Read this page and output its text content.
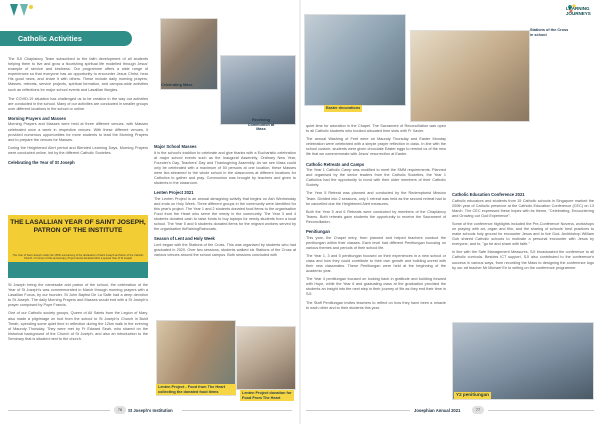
LEARNING JOURNEYS
Catholic Activities

The SJI Chaplaincy Team subscribed to the faith development of all students helping them to live and grow a flourishing spiritual life modelled through Jesus' example of service and kindness. Our programme offers a wide range of experiences so that everyone has an opportunity to encounter Jesus Christ, hear His good news, and share it with others. These include daily morning prayers, Masses, retreats, service projects, spiritual formation, and campus-wide activities such as reflections for major school events and Lasallian liturgies.

The COVID-19 situation has challenged us to be creative in the way our activities are conducted in the school. Many of our activities are conducted in smaller groups over different locations in the school or online.

Morning Prayers and Masses

Morning Prayers and Masses were held at three different venues, with Masses celebrated once a week in respective venues. With these different venues, it provided numerous opportunities for more students to lead the Morning Prayers and to prepare the venues for Masses.

During the Heightened Alert period and Blended Learning Days, Morning Prayers were conducted online, led by the different Catholic Societies.

Celebrating the Year of St Joseph
THE LASALLIAN YEAR OF SAINT JOSEPH, PATRON OF THE INSTITUTE
The Year of Saint Joseph marks the 150th anniversary of the declaration of Saint Joseph as Patron of the Catholic Church. In honour of this anniversary, Pope Francis declared 2021 a special Year of St Joseph

St Joseph being the namesake and patron of the school, the celebration of the Year of St Joseph's was commemorated in March through morning prayers with a Lasallian Focus, by our founder, St John Baptist De La Salle had a deep devotion to St Joseph. The daily Morning Prayers and Masses would end with a St Joseph's prayer composed by Pope Francis.

One of our Catholic society groups, Queen of All Saints from the Legion of Mary, also made a pilgrimage on foot from the school to St Joseph's Church in Bukit Timah, spending some quiet time in reflection during the 12km walk in the evening of Maundy Thursday. They were met by Fr Edward Seah, who shared on the historical background of the Church of St Joseph, and also an introduction to the Seminary that is situated next to the church.

Celebrating Mass
Receiving Communion at Mass
Major School Masses

It is the school's tradition to celebrate and give thanks with a Eucharistic celebration at major school events such as the Inaugural Assembly, Ordinary New Year, Founder's Day, Teachers' Day and Thanksgiving Assembly. As we see Mass could only be celebrated with a maximum of 50 persons at one location, these Masses were live-streamed to the whole school in the classrooms at different locations for Catholics to gather and pray. Communion was brought by teachers and given to students in the classroom.

Lenten Project 2021

The Lenten Project is an annual almsgiving activity that begins on Ash Wednesday and ends on Holy Week. Three different groups in the community were identified for this year's project. The Year 1 and 2 students donated food items to the organisation Food from the Heart who serve the needy in the community. The Year 3 and 4 students donated cash to raise funds to buy laptops for needy students from a local school. The Year 5 and 6 students donated items for the migrant workers served by the organisation ItsRainingRaincoats.

Season of Lent and Holy Week

Lent began with the Stations of the Cross. This was organised by students who had graduated in 2020. Over two sessions, students walked six Stations of the Cross at various venues around the school campus. Both sessions concluded with

Lenten Project - Food from The Heart collecting the donated food items	Lenten Project donation for Food From The Heart
Easter decorations
Stations of the Cross in school

quiet time for adoration in the Chapel. The Sacrament of Reconciliation was open to all Catholic students who booked allocated time slots with Fr Xavier.

The annual Washing of Feet were on Maundy Thursday and Easter Monday celebration were celebrated with a simple prayer reflection in class. In line with the school custom, students were given chocolate Easter eggs to remind us of the new life that we commemorate with Jesus' resurrection at Easter.

Catholic Retreats and Camps

The Year 1 Catholic Camp was modified to meet the SMM requirements. Planned and organised by the senior leaders from the Catholic Societies, the Year 1 Catholics had the opportunity to bond with their older members of their Catholic Society.

The Year 5 Retreat was planned and conducted by the Redemptorist Mission Team. Divided into 2 sessions, only 1 retreat was held as the second retreat had to be cancelled due the Heightened Alert measures.

Both the Year 5 and 6 Retreats were conducted by members of the Chaplaincy Teams. Both retreats gave students the opportunity to receive the Sacrament of Reconciliation.

Penitiungan

This year, the Chapel entry, from planned and helped teachers conduct the penitiungan within their classes. Each level had different Penitiungan focusing on various themes and periods of their school life.

The Year 1, 3 and 5 penitiungan focused on their experiences in a new school or class and how they could contribute to their own growth and building unrest with their new classmates. These Penitiungan were held at the beginning of the academic year.

The Year 4 penitiungan focused on looking back in gratitude and building forward with Hope, while the Year 6 and graduating class at the graduation provided the students an insight into the next step in their journey of life as they end their time in SJI.

The Staff Penitiungan invites teachers to reflect on how they have been a miracle to each other and to their students this year.

Catholic Education Conference 2021

Catholic educators and students from 15 Catholic schools in Singapore marked the 200th year of Catholic presence at the Catholic Education Conference (CEC) on 13 March. The CEC expressed these hopes with its theme, "Celebrating, Encountering and Growing our God Experience".

Some of the conference highlights included the Pre-Conference Novena, workshops on praying with art, organ and film, and the sharing of schools' best practices to make schools holy ground for encounter Jesus and to live God. Archbishop William Goh shared Catholic schools to motivate a personal encounter with Jesus by everyone, and to, "go be and share with faith."

In line with the Safe Management Measures, SJI broadcasted the conference to all Catholic curricula. Besides ICT support, SJI also contributed to the conference's success in various ways, from recording the Mass to designing the conference logo by our art teacher Mr Michael Ee to writing on the conference programme.

Y2 penitiungan
76	St Joseph's Institution	Josephian Annual 2021	77
